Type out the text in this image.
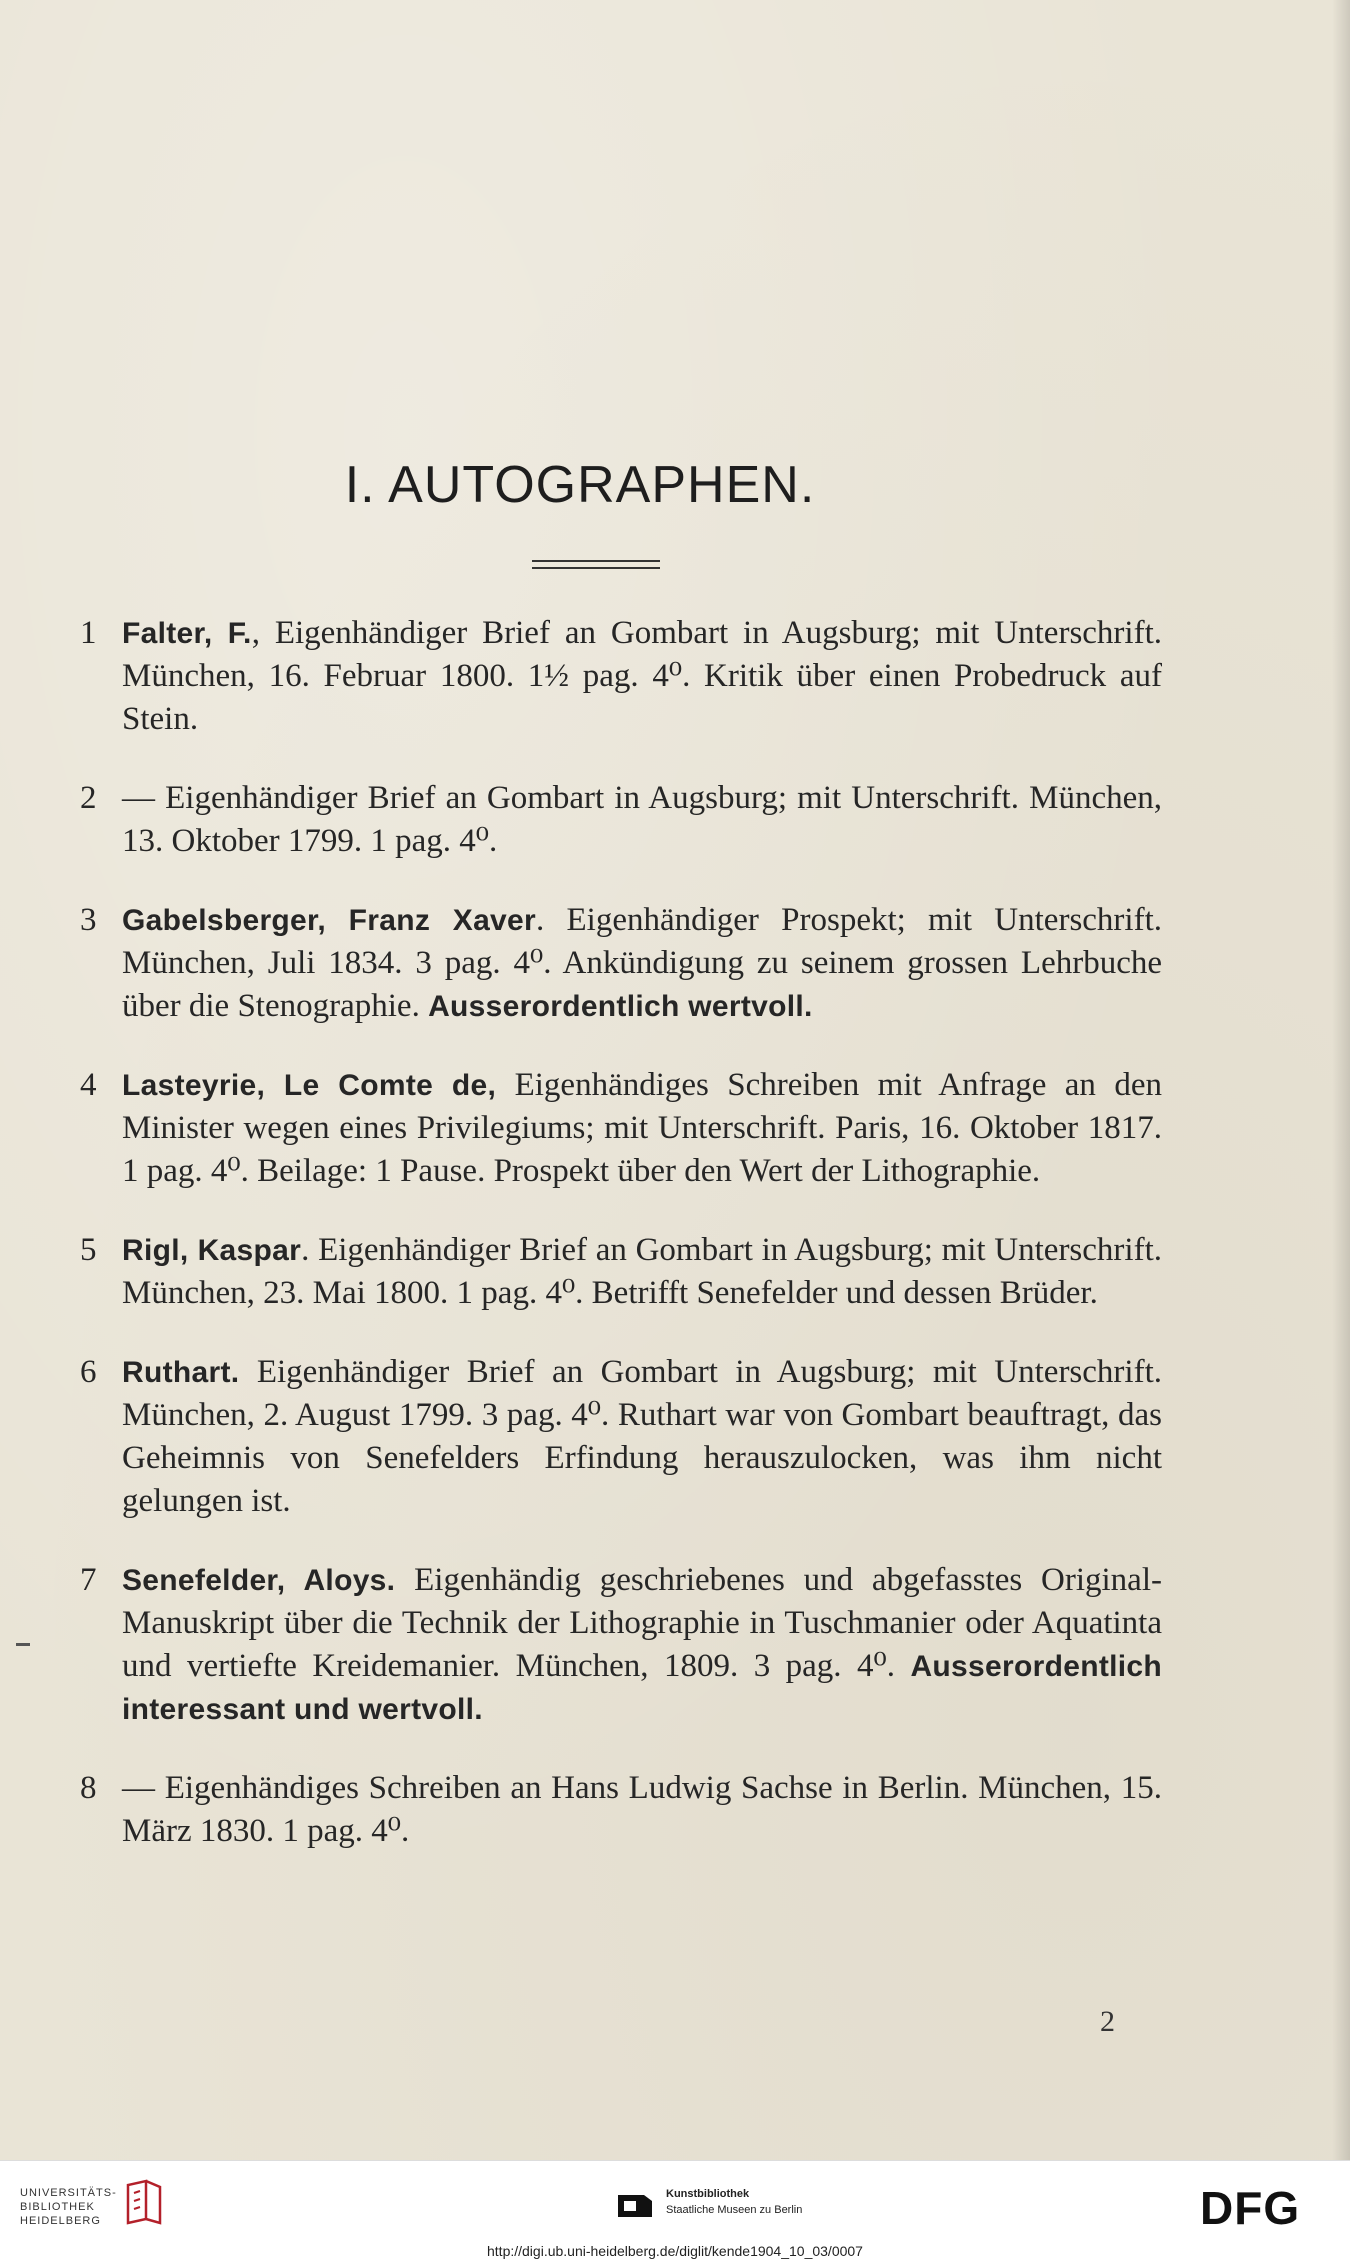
I. AUTOGRAPHEN.
1 Falter, F., Eigenhändiger Brief an Gombart in Augsburg; mit Unterschrift. München, 16. Februar 1800. 1½ pag. 4⁰. Kritik über einen Probedruck auf Stein.
2 — Eigenhändiger Brief an Gombart in Augsburg; mit Unterschrift. München, 13. Oktober 1799. 1 pag. 4⁰.
3 Gabelsberger, Franz Xaver. Eigenhändiger Prospekt; mit Unterschrift. München, Juli 1834. 3 pag. 4⁰. Ankündigung zu seinem grossen Lehrbuche über die Stenographie. Ausserordentlich wertvoll.
4 Lasteyrie, Le Comte de, Eigenhändiges Schreiben mit Anfrage an den Minister wegen eines Privilegiums; mit Unterschrift. Paris, 16. Oktober 1817. 1 pag. 4⁰. Beilage: 1 Pause. Prospekt über den Wert der Lithographie.
5 Rigl, Kaspar. Eigenhändiger Brief an Gombart in Augsburg; mit Unterschrift. München, 23. Mai 1800. 1 pag. 4⁰. Betrifft Senefelder und dessen Brüder.
6 Ruthart. Eigenhändiger Brief an Gombart in Augsburg; mit Unterschrift. München, 2. August 1799. 3 pag. 4⁰. Ruthart war von Gombart beauftragt, das Geheimnis von Senefelders Erfindung herauszulocken, was ihm nicht gelungen ist.
7 Senefelder, Aloys. Eigenhändig geschriebenes und abgefasstes Original-Manuskript über die Technik der Lithographie in Tuschmanier oder Aquatinta und vertiefte Kreidemanier. München, 1809. 3 pag. 4⁰. Ausserordentlich interessant und wertvoll.
8 — Eigenhändiges Schreiben an Hans Ludwig Sachse in Berlin. München, 15. März 1830. 1 pag. 4⁰.
2
UNIVERSITÄTS-
BIBLIOTHEK
HEIDELBERG
Kunstbibliothek
Staatliche Museen zu Berlin	DFG
http://digi.ub.uni-heidelberg.de/diglit/kende1904_10_03/0007
